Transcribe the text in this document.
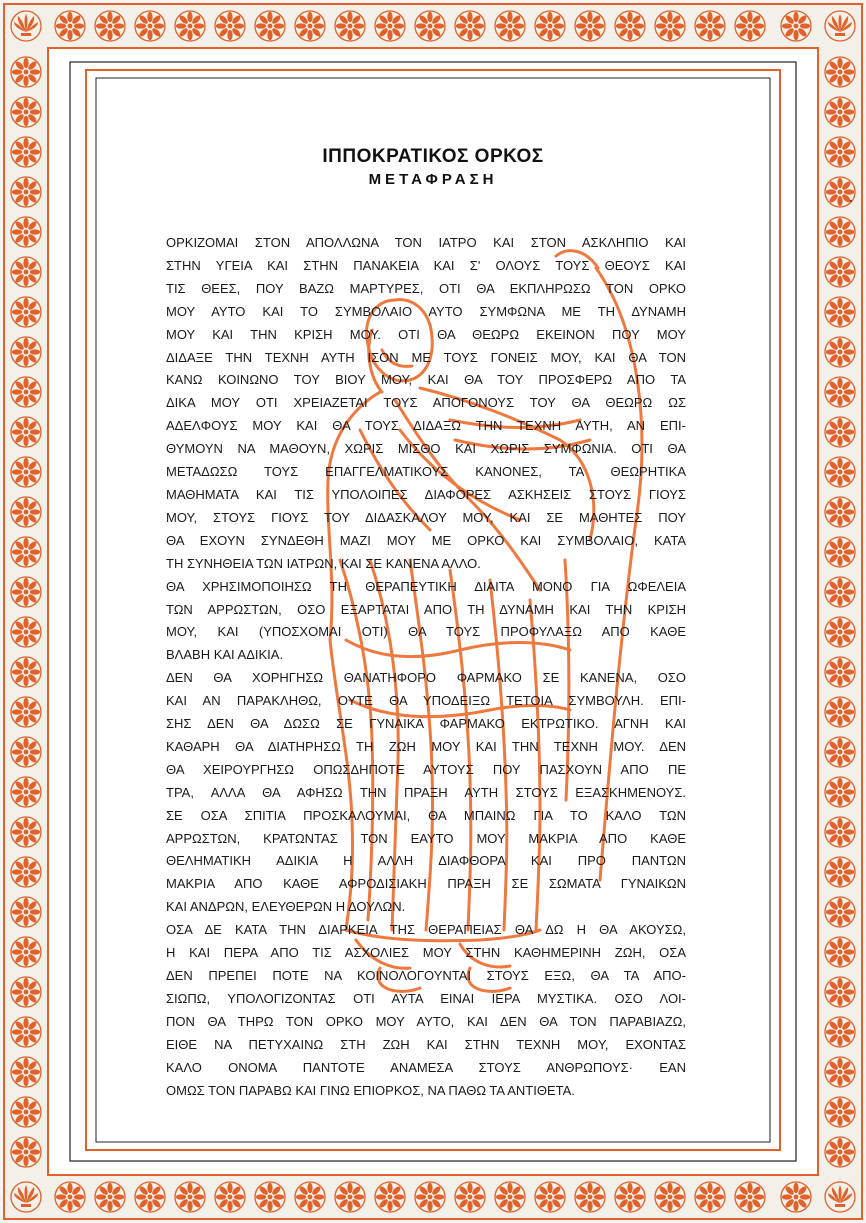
ΙΠΠΟΚΡΑΤΙΚΟΣ ΟΡΚΟΣ
ΜΕΤΑΦΡΑΣΗ
ΟΡΚΙΖΟΜΑΙ ΣΤΟΝ ΑΠΟΛΛΩΝΑ ΤΟΝ ΙΑΤΡΟ ΚΑΙ ΣΤΟΝ ΑΣΚΛΗΠΙΟ ΚΑΙ
ΣΤΗΝ ΥΓΕΙΑ ΚΑΙ ΣΤΗΝ ΠΑΝΑΚΕΙΑ ΚΑΙ Σ' ΟΛΟΥΣ ΤΟΥΣ ΘΕΟΥΣ ΚΑΙ
ΤΙΣ ΘΕΕΣ, ΠΟΥ ΒΑΖΩ ΜΑΡΤΥΡΕΣ, ΟΤΙ ΘΑ ΕΚΠΛΗΡΩΣΩ ΤΟΝ ΟΡΚΟ
ΜΟΥ ΑΥΤΟ ΚΑΙ ΤΟ ΣΥΜΒΟΛΑΙΟ ΑΥΤΟ ΣΥΜΦΩΝΑ ΜΕ ΤΗ ΔΥΝΑΜΗ
ΜΟΥ ΚΑΙ ΤΗΝ ΚΡΙΣΗ ΜΟΥ. ΟΤΙ ΘΑ ΘΕΩΡΩ ΕΚΕΙΝΟΝ ΠΟΥ ΜΟΥ
ΔΙΔΑΞΕ ΤΗΝ ΤΕΧΝΗ ΑΥΤΗ ΙΣΟΝ ΜΕ ΤΟΥΣ ΓΟΝΕΙΣ ΜΟΥ, ΚΑΙ ΘΑ ΤΟΝ
ΚΑΝΩ ΚΟΙΝΩΝΟ ΤΟΥ ΒΙΟΥ ΜΟΥ, ΚΑΙ ΘΑ ΤΟΥ ΠΡΟΣΦΕΡΩ ΑΠΟ ΤΑ
ΔΙΚΑ ΜΟΥ ΟΤΙ ΧΡΕΙΑΖΕΤΑΙ ΤΟΥΣ ΑΠΟΓΟΝΟΥΣ ΤΟΥ ΘΑ ΘΕΩΡΩ ΩΣ
ΑΔΕΛΦΟΥΣ ΜΟΥ ΚΑΙ ΘΑ ΤΟΥΣ ΔΙΔΑΞΩ ΤΗΝ ΤΕΧΝΗ ΑΥΤΗ, ΑΝ ΕΠΙ-
ΘΥΜΟΥΝ ΝΑ ΜΑΘΟΥΝ, ΧΩΡΙΣ ΜΙΣΘΟ ΚΑΙ ΧΩΡΙΣ ΣΥΜΦΩΝΙΑ. ΟΤΙ ΘΑ
ΜΕΤΑΔΩΣΩ ΤΟΥΣ ΕΠΑΓΓΕΛΜΑΤΙΚΟΥΣ ΚΑΝΟΝΕΣ, ΤΑ ΘΕΩΡΗΤΙΚΑ
ΜΑΘΗΜΑΤΑ ΚΑΙ ΤΙΣ ΥΠΟΛΟΙΠΕΣ ΔΙΑΦΟΡΕΣ ΑΣΚΗΣΕΙΣ ΣΤΟΥΣ ΓΙΟΥΣ
ΜΟΥ, ΣΤΟΥΣ ΓΙΟΥΣ ΤΟΥ ΔΙΔΑΣΚΑΛΟΥ ΜΟΥ, ΚΑΙ ΣΕ ΜΑΘΗΤΕΣ ΠΟΥ
ΘΑ ΕΧΟΥΝ ΣΥΝΔΕΘΗ ΜΑΖΙ ΜΟΥ ΜΕ ΟΡΚΟ ΚΑΙ ΣΥΜΒΟΛΑΙΟ, ΚΑΤΑ
ΤΗ ΣΥΝΗΘΕΙΑ ΤΩΝ ΙΑΤΡΩΝ, ΚΑΙ ΣΕ ΚΑΝΕΝΑ ΑΛΛΟ.
ΘΑ ΧΡΗΣΙΜΟΠΟΙΗΣΩ ΤΗ ΘΕΡΑΠΕΥΤΙΚΗ ΔΙΑΙΤΑ ΜΟΝΟ ΓΙΑ ΩΦΕΛΕΙΑ
ΤΩΝ ΑΡΡΩΣΤΩΝ, ΟΣΟ ΕΞΑΡΤΑΤΑΙ ΑΠΟ ΤΗ ΔΥΝΑΜΗ ΚΑΙ ΤΗΝ ΚΡΙΣΗ
ΜΟΥ, ΚΑΙ (ΥΠΟΣΧΟΜΑΙ ΟΤΙ) ΘΑ ΤΟΥΣ ΠΡΟΦΥΛΑΞΩ ΑΠΟ ΚΑΘΕ
ΒΛΑΒΗ ΚΑΙ ΑΔΙΚΙΑ.
ΔΕΝ ΘΑ ΧΟΡΗΓΗΣΩ ΘΑΝΑΤΗΦΟΡΟ ΦΑΡΜΑΚΟ ΣΕ ΚΑΝΕΝΑ, ΟΣΟ
ΚΑΙ ΑΝ ΠΑΡΑΚΛΗΘΩ, ΟΥΤΕ ΘΑ ΥΠΟΔΕΙΞΩ ΤΕΤΟΙΑ ΣΥΜΒΟΥΛΗ. ΕΠΙ-
ΣΗΣ ΔΕΝ ΘΑ ΔΩΣΩ ΣΕ ΓΥΝΑΙΚΑ ΦΑΡΜΑΚΟ ΕΚΤΡΩΤΙΚΟ. ΑΓΝΗ ΚΑΙ
ΚΑΘΑΡΗ ΘΑ ΔΙΑΤΗΡΗΣΩ ΤΗ ΖΩΗ ΜΟΥ ΚΑΙ ΤΗΝ ΤΕΧΝΗ ΜΟΥ. ΔΕΝ
ΘΑ ΧΕΙΡΟΥΡΓΗΣΩ ΟΠΩΣΔΗΠΟΤΕ ΑΥΤΟΥΣ ΠΟΥ ΠΑΣΧΟΥΝ ΑΠΟ ΠΕ
ΤΡΑ, ΑΛΛΑ ΘΑ ΑΦΗΣΩ ΤΗΝ ΠΡΑΞΗ ΑΥΤΗ ΣΤΟΥΣ ΕΞΑΣΚΗΜΕΝΟΥΣ.
ΣΕ ΟΣΑ ΣΠΙΤΙΑ ΠΡΟΣΚΑΛΟΥΜΑΙ, ΘΑ ΜΠΑΙΝΩ ΓΙΑ ΤΟ ΚΑΛΟ ΤΩΝ
ΑΡΡΩΣΤΩΝ, ΚΡΑΤΩΝΤΑΣ ΤΟΝ ΕΑΥΤΟ ΜΟΥ ΜΑΚΡΙΑ ΑΠΟ ΚΑΘΕ
ΘΕΛΗΜΑΤΙΚΗ ΑΔΙΚΙΑ Η ΑΛΛΗ ΔΙΑΦΘΟΡΑ ΚΑΙ ΠΡΟ ΠΑΝΤΩΝ
ΜΑΚΡΙΑ ΑΠΟ ΚΑΘΕ ΑΦΡΟΔΙΣΙΑΚΗ ΠΡΑΞΗ ΣΕ ΣΩΜΑΤΑ ΓΥΝΑΙΚΩΝ
ΚΑΙ ΑΝΔΡΩΝ, ΕΛΕΥΘΕΡΩΝ Η ΔΟΥΛΩΝ.
ΟΣΑ ΔΕ ΚΑΤΑ ΤΗΝ ΔΙΑΡΚΕΙΑ ΤΗΣ ΘΕΡΑΠΕΙΑΣ ΘΑ ΔΩ Η ΘΑ ΑΚΟΥΣΩ,
Η ΚΑΙ ΠΕΡΑ ΑΠΟ ΤΙΣ ΑΣΧΟΛΙΕΣ ΜΟΥ ΣΤΗΝ ΚΑΘΗΜΕΡΙΝΗ ΖΩΗ, ΟΣΑ
ΔΕΝ ΠΡΕΠΕΙ ΠΟΤΕ ΝΑ ΚΟΙΝΟΛΟΓΟΥΝΤΑΙ ΣΤΟΥΣ ΕΞΩ, ΘΑ ΤΑ ΑΠΟ-
ΣΙΩΠΩ, ΥΠΟΛΟΓΙΖΟΝΤΑΣ ΟΤΙ ΑΥΤΑ ΕΙΝΑΙ ΙΕΡΑ ΜΥΣΤΙΚΑ. ΟΣΟ ΛΟΙ-
ΠΟΝ ΘΑ ΤΗΡΩ ΤΟΝ ΟΡΚΟ ΜΟΥ ΑΥΤΟ, ΚΑΙ ΔΕΝ ΘΑ ΤΟΝ ΠΑΡΑΒΙΑΖΩ,
ΕΙΘΕ ΝΑ ΠΕΤΥΧΑΙΝΩ ΣΤΗ ΖΩΗ ΚΑΙ ΣΤΗΝ ΤΕΧΝΗ ΜΟΥ, ΕΧΟΝΤΑΣ
ΚΑΛΟ ΟΝΟΜΑ ΠΑΝΤΟΤΕ ΑΝΑΜΕΣΑ ΣΤΟΥΣ ΑΝΘΡΩΠΟΥΣ· ΕΑΝ
ΟΜΩΣ ΤΟΝ ΠΑΡΑΒΩ ΚΑΙ ΓΙΝΩ ΕΠΙΟΡΚΟΣ, ΝΑ ΠΑΘΩ ΤΑ ΑΝΤΙΘΕΤΑ.
